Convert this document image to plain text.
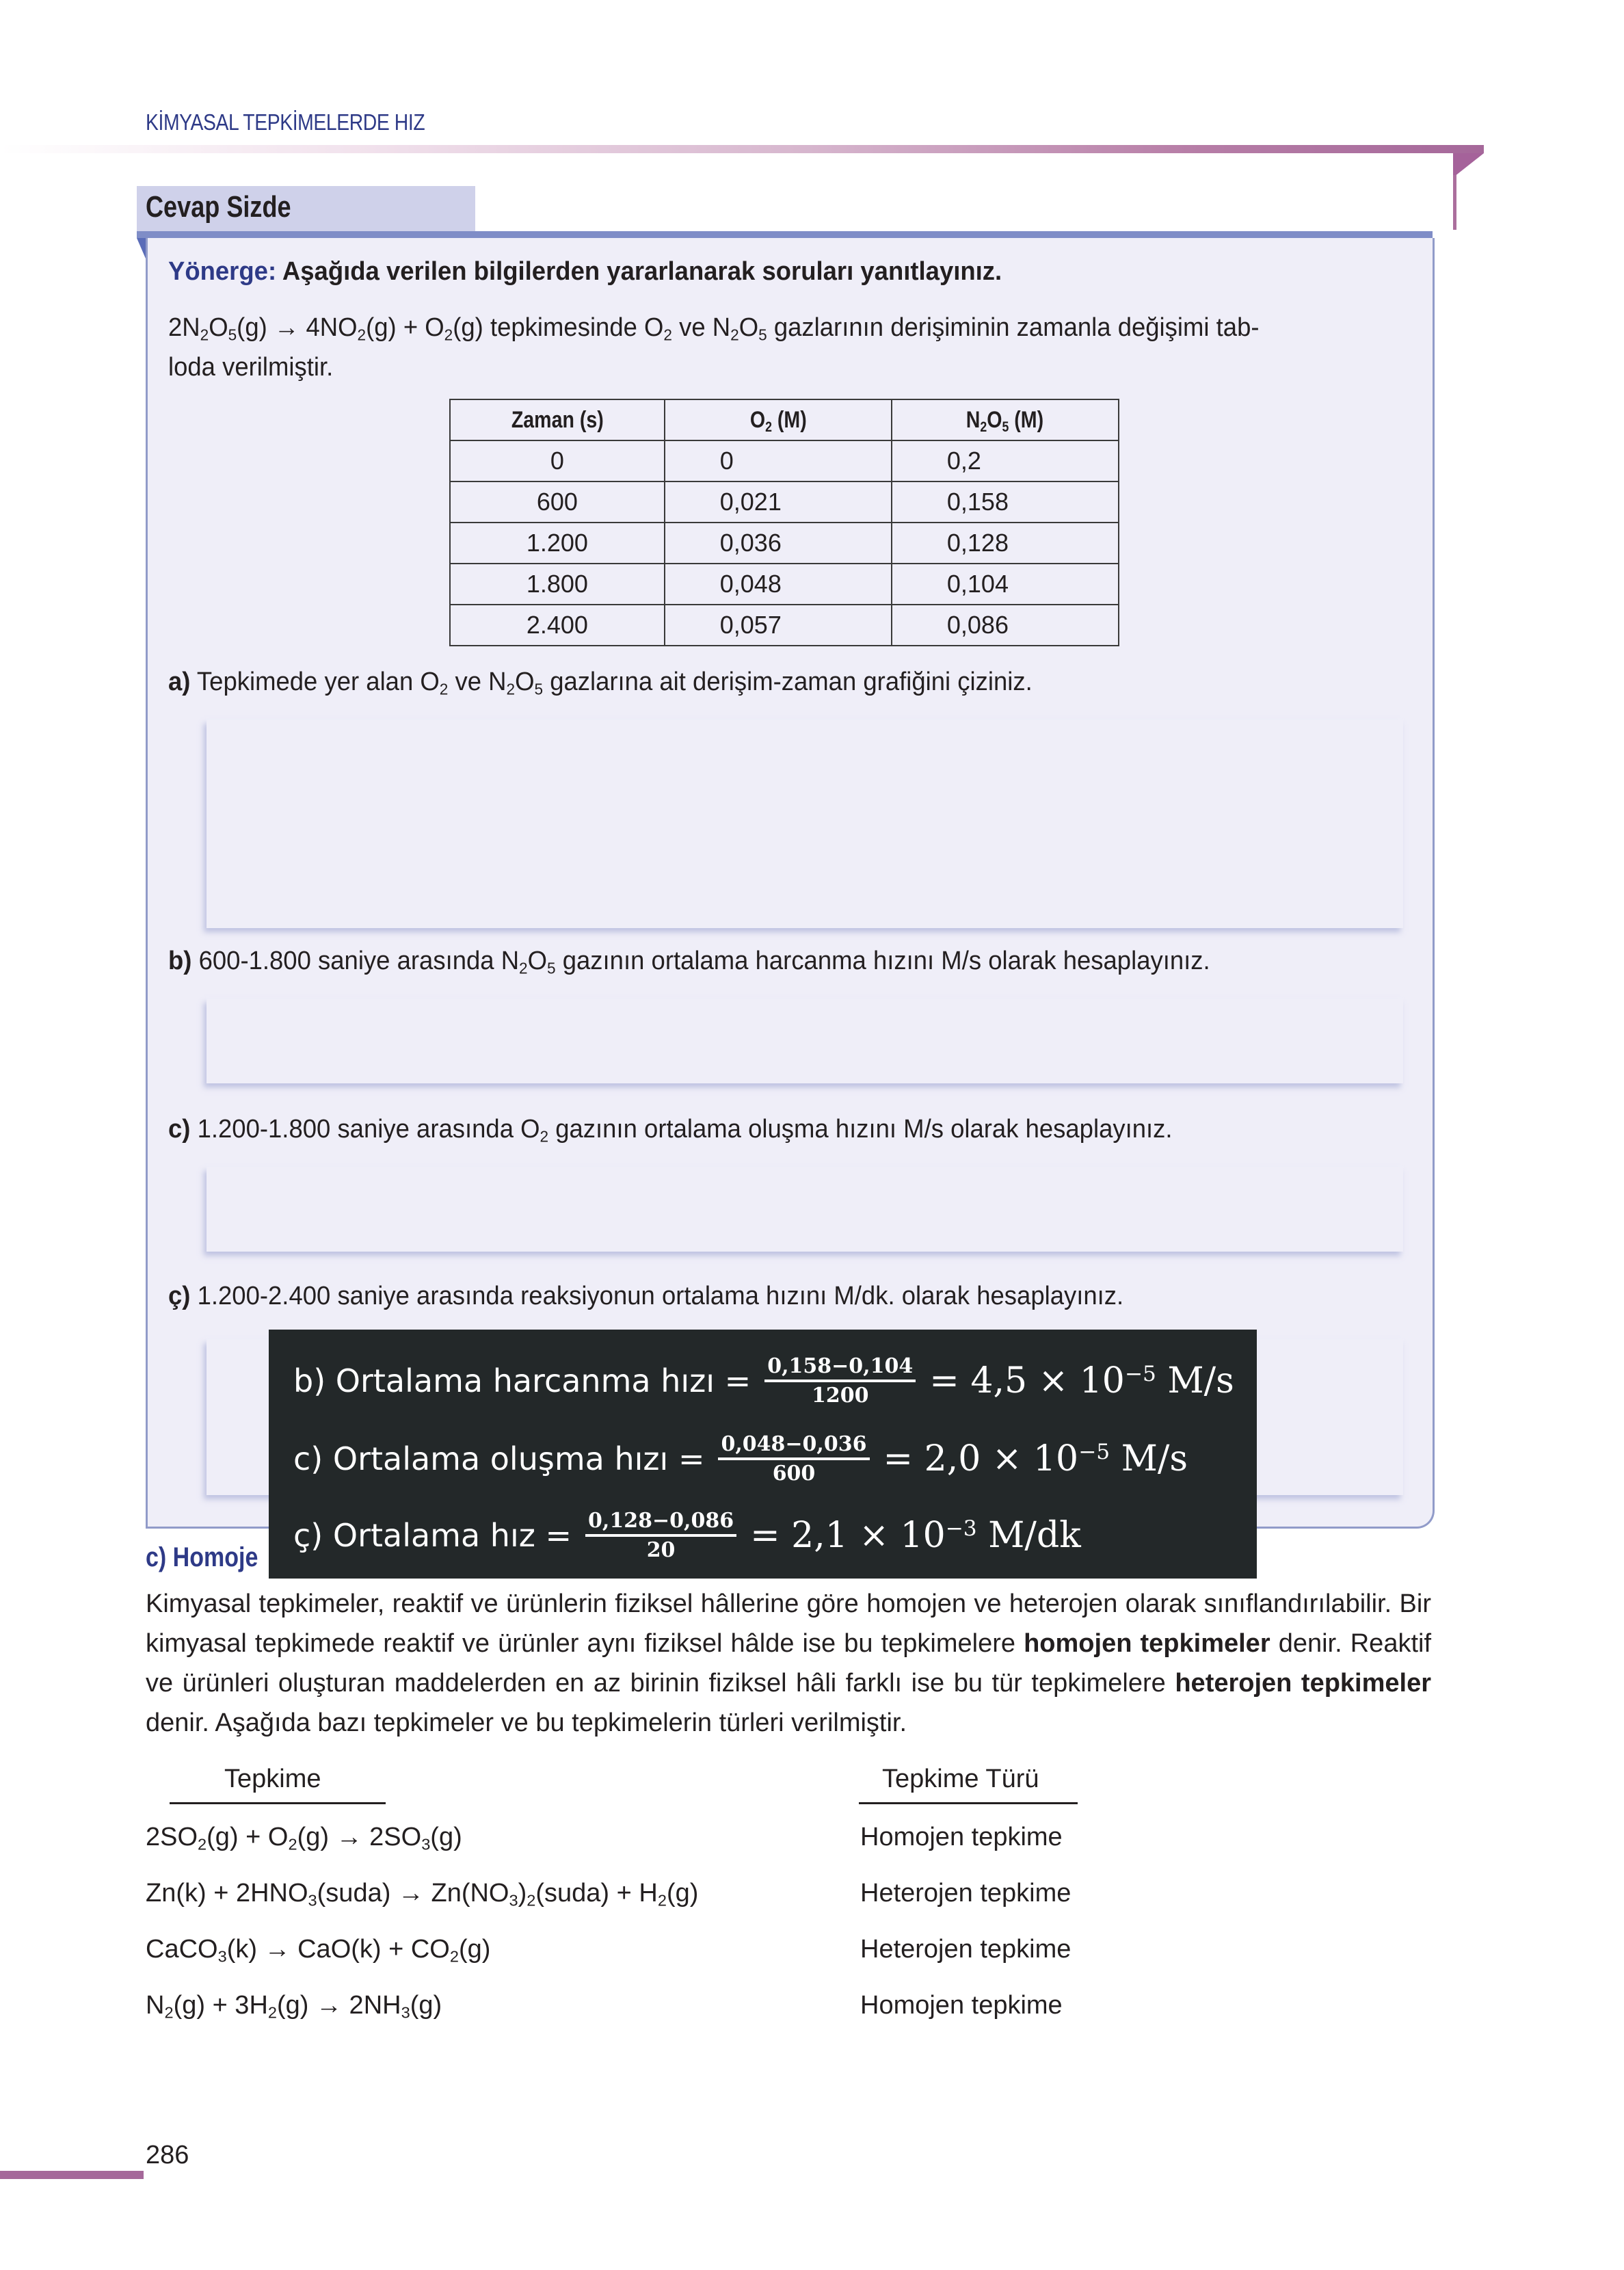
KİMYASAL TEPKİMELERDE HIZ
Cevap Sizde
Yönerge: Aşağıda verilen bilgilerden yararlanarak soruları yanıtlayınız.
$2N_2O_5(g) \to 4NO_2(g) + O_2(g)$ tepkimesinde $O_2$ ve $N_2O_5$ gazlarının derişiminin zamanla değişimi tab-
loda verilmiştir.
Zaman (s)	$O_2$ (M)	$N_2O_5$ (M)
0	0	0,2
600	0,021	0,158
1.200	0,036	0,128
1.800	0,048	0,104
2.400	0,057	0,086
a) Tepkimede yer alan $O_2$ ve $N_2O_5$ gazlarına ait derişim-zaman grafiğini çiziniz.
b) 600-1.800 saniye arasında $N_2O_5$ gazının ortalama harcanma hızını M/s olarak hesaplayınız.
c) 1.200-1.800 saniye arasında $O_2$ gazının ortalama oluşma hızını M/s olarak hesaplayınız.
ç) 1.200-2.400 saniye arasında reaksiyonun ortalama hızını M/dk. olarak hesaplayınız.
b) Ortalama harcanma hızı = $\frac{0,158-0,104}{1200} = 4,5 \times 10^{-5}$ M/s
c) Ortalama oluşma hızı = $\frac{0,048-0,036}{600} = 2,0 \times 10^{-5}$ M/s
ç) Ortalama hız = $\frac{0,128-0,086}{20} = 2,1 \times 10^{-3}$ M/dk
c) Homoje
Kimyasal tepkimeler, reaktif ve ürünlerin fiziksel hâllerine göre homojen ve heterojen olarak sınıflandırılabilir. Bir kimyasal tepkimede reaktif ve ürünler aynı fiziksel hâlde ise bu tepkimelere homojen tepkimeler denir. Reaktif ve ürünleri oluşturan maddelerden en az birinin fiziksel hâli farklı ise bu tür tepkimelere heterojen tepkimeler denir. Aşağıda bazı tepkimeler ve bu tepkimelerin türleri verilmiştir.
Tepkime	Tepkime Türü
$2SO_2(g) + O_2(g) \to 2SO_3(g)$	Homojen tepkime
$Zn(k) + 2HNO_3(suda)$ → $Zn(NO_3)_2(suda) + H_2(g)$	Heterojen tepkime
CaCO$_3$(k) → $CaO(k) + CO_2(g)$	Heterojen tepkime
$N_2(g) + 3H_2(g) \to 2NH_3(g)$	Homojen tepkime
286
